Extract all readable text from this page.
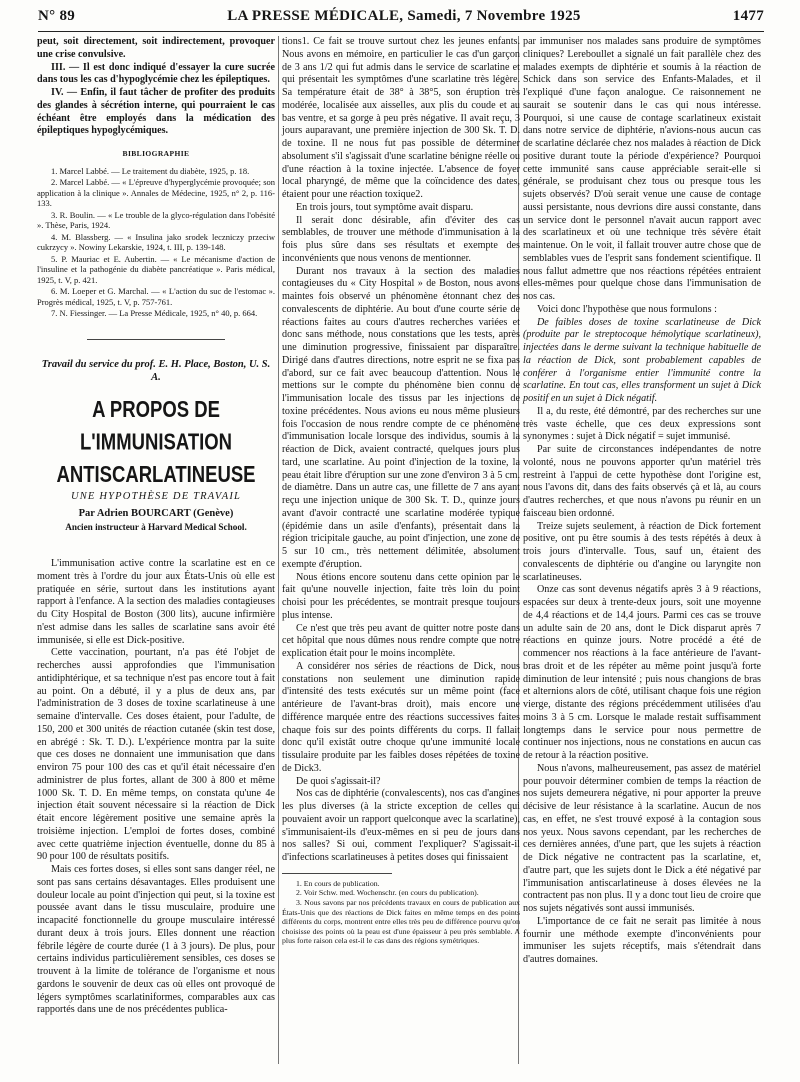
N° 89	LA PRESSE MÉDICALE, Samedi, 7 Novembre 1925	1477

peut, soit directement, soit indirectement, provoquer une crise convulsive.

III. — Il est donc indiqué d'essayer la cure sucrée dans tous les cas d'hypoglycémie chez les épileptiques.

IV. — Enfin, il faut tâcher de profiter des produits des glandes à sécrétion interne, qui pourraient le cas échéant être employés dans la médication des épileptiques hypoglycémiques.

BIBLIOGRAPHIE

1. Marcel Labbé. — Le traitement du diabète, 1925, p. 18.

2. Marcel Labbé. — « L'épreuve d'hyperglycémie provoquée; son application à la clinique ». Annales de Médecine, 1925, n° 2, p. 116-133.

3. R. Boulin. — « Le trouble de la glyco-régulation dans l'obésité ». Thèse, Paris, 1924.

4. M. Blassberg. — « Insulina jako srodek leczniczy przeciw cukrzycy ». Nowiny Lekarskie, 1924, t. III, p. 139-148.

5. P. Mauriac et E. Aubertin. — « Le mécanisme d'action de l'insuline et la pathogénie du diabète pancréatique ». Paris médical, 1925, t. V, p. 421.

6. M. Loeper et G. Marchal. — « L'action du suc de l'estomac ». Progrès médical, 1925, t. V, p. 757-761.

7. N. Fiessinger. — La Presse Médicale, 1925, n° 40, p. 664.

Travail du service du prof. E. H. Place, Boston, U. S. A.
A PROPOS DE L'IMMUNISATION
ANTISCARLATINEUSE
UNE HYPOTHÈSE DE TRAVAIL
Par Adrien BOURCART (Genève)
Ancien instructeur à Harvard Medical School.

L'immunisation active contre la scarlatine est en ce moment très à l'ordre du jour aux États-Unis où elle est pratiquée en série, surtout dans les institutions ayant rapport à l'enfance. A la section des maladies contagieuses du City Hospital de Boston (300 lits), aucune infirmière n'est admise dans les salles de scarlatine sans avoir été immunisée, si elle est Dick-positive.

Cette vaccination, pourtant, n'a pas été l'objet de recherches aussi approfondies que l'immunisation antidiphtérique, et sa technique n'est pas encore tout à fait au point. On a débuté, il y a plus de deux ans, par l'administration de 3 doses de toxine scarlatineuse à une semaine d'intervalle. Ces doses étaient, pour l'adulte, de 150, 200 et 300 unités de réaction cutanée (skin test dose, en abrégé : Sk. T. D.). L'expérience montra par la suite que ces doses ne donnaient une immunisation que dans environ 75 pour 100 des cas et qu'il était nécessaire d'en administrer de plus fortes, allant de 300 à 800 et même 1000 Sk. T. D. En même temps, on constata qu'une 4e injection était souvent nécessaire si la réaction de Dick était encore légèrement positive une semaine après la troisième injection. L'emploi de fortes doses, combiné avec cette quatrième injection éventuelle, donne du 85 à 90 pour 100 de résultats positifs.

Mais ces fortes doses, si elles sont sans danger réel, ne sont pas sans certains désavantages. Elles produisent une douleur locale au point d'injection qui peut, si la toxine est poussée avant dans le tissu musculaire, produire une incapacité fonctionnelle du groupe musculaire intéressé durant deux à trois jours. Elles donnent une réaction fébrile légère de courte durée (1 à 3 jours). De plus, pour certains individus particulièrement sensibles, ces doses se trouvent à la limite de tolérance de l'organisme et nous gardons le souvenir de deux cas où elles ont provoqué de légers symptômes scarlatiniformes, comparables aux cas rapportés dans une de nos précédentes publica-

tions1. Ce fait se trouve surtout chez les jeunes enfants. Nous avons en mémoire, en particulier le cas d'un garçon de 3 ans 1/2 qui fut admis dans le service de scarlatine et qui présentait les symptômes d'une scarlatine très légère. Sa température était de 38° à 38°5, son éruption très modérée, localisée aux aisselles, aux plis du coude et au bas ventre, et sa gorge à peu près négative. Il avait reçu, 3 jours auparavant, une première injection de 300 Sk. T. D. de toxine. Il ne nous fut pas possible de déterminer absolument s'il s'agissait d'une scarlatine bénigne réelle ou d'une réaction à la toxine injectée. L'absence de foyer local pharyngé, de même que la coïncidence des dates, étaient pour une réaction toxique2.

En trois jours, tout symptôme avait disparu.

Il serait donc désirable, afin d'éviter des cas semblables, de trouver une méthode d'immunisation à la fois plus sûre dans ses résultats et exempte des inconvénients que nous venons de mentionner.

Durant nos travaux à la section des maladies contagieuses du « City Hospital » de Boston, nous avons maintes fois observé un phénomène étonnant chez des convalescents de diphtérie. Au bout d'une courte série de réactions faites au cours d'autres recherches variées et donc sans méthode, nous constations que les tests, après une diminution progressive, finissaient par disparaître. Dirigé dans d'autres directions, notre esprit ne se fixa pas d'abord, sur ce fait avec beaucoup d'attention. Nous le mettions sur le compte du phénomène bien connu de l'immunisation locale des tissus par les injections de toxine précédentes. Nous avions eu nous même plusieurs fois l'occasion de nous rendre compte de ce phénomène d'immunisation locale lorsque des individus, soumis à la réaction de Dick, avaient contracté, quelques jours plus tard, une scarlatine. Au point d'injection de la toxine, la peau était libre d'éruption sur une zone d'environ 3 à 5 cm. de diamètre. Dans un autre cas, une fillette de 7 ans ayant reçu une injection unique de 300 Sk. T. D., quinze jours avant d'avoir contracté une scarlatine modérée typique (épidémie dans un asile d'enfants), présentait dans la région tricipitale gauche, au point d'injection, une zone de 5 sur 10 cm., très nettement délimitée, absolument exempte d'éruption.

Nous étions encore soutenu dans cette opinion par le fait qu'une nouvelle injection, faite très loin du point choisi pour les précédentes, se montrait presque toujours plus intense.

Ce n'est que très peu avant de quitter notre poste dans cet hôpital que nous dûmes nous rendre compte que notre explication était pour le moins incomplète.

A considérer nos séries de réactions de Dick, nous constations non seulement une diminution rapide d'intensité des tests exécutés sur un même point (face antérieure de l'avant-bras droit), mais encore une différence marquée entre des réactions successives faites chaque fois sur des points différents du corps. Il fallait donc qu'il existât outre choque qu'une immunité locale tissulaire produite par les faibles doses répétées de toxine de Dick3.

De quoi s'agissait-il?

Nos cas de diphtérie (convalescents), nos cas d'angines les plus diverses (à la stricte exception de celles qui pouvaient avoir un rapport quelconque avec la scarlatine), s'immunisaient-ils d'eux-mêmes en si peu de jours dans nos salles? Si oui, comment l'expliquer? S'agissait-il d'infections scarlatineuses à petites doses qui finissaient

1. En cours de publication.

2. Voir Schw. med. Wochenschr. (en cours du publication).

3. Nous savons par nos précédents travaux en cours de publication aux États-Unis que des réactions de Dick faites en même temps en des points différents du corps, montrent entre elles très peu de différence pourvu qu'on choisisse des points où la peau est d'une épaisseur à peu près semblable. A plus forte raison cela est-il le cas dans des régions symétriques.

par immuniser nos malades sans produire de symptômes cliniques? Lereboullet a signalé un fait parallèle chez des malades exempts de diphtérie et soumis à la réaction de Schick dans son service des Enfants-Malades, et il l'expliqué d'une façon analogue. Ce raisonnement ne saurait se soutenir dans le cas qui nous intéresse. Pourquoi, si une cause de contage scarlatineux existait dans notre service de diphtérie, n'avions-nous aucun cas de scarlatine déclarée chez nos malades à réaction de Dick positive durant toute la période d'expérience? Pourquoi cette immunité sans cause appréciable serait-elle si générale, se produisant chez tous ou presque tous les sujets observés? D'où serait venue une cause de contage aussi persistante, nous devrions dire aussi constante, dans un service dont le personnel n'avait aucun rapport avec des scarlatineux et où une technique très sévère était maintenue. On le voit, il fallait trouver autre chose que de semblables vues de l'esprit sans fondement scientifique. Il nous fallut admettre que nos réactions répétées entraient elles-mêmes pour quelque chose dans l'immunisation de nos cas.

Voici donc l'hypothèse que nous formulons :

De faibles doses de toxine scarlatineuse de Dick (produite par le streptocoque hémolytique scarlatineux), injectées dans le derme suivant la technique habituelle de la réaction de Dick, sont probablement capables de conférer à l'organisme entier l'immunité contre la scarlatine. En tout cas, elles transforment un sujet à Dick positif en un sujet à Dick négatif.

Il a, du reste, été démontré, par des recherches sur une très vaste échelle, que ces deux expressions sont synonymes : sujet à Dick négatif = sujet immunisé.

Par suite de circonstances indépendantes de notre volonté, nous ne pouvons apporter qu'un matériel très restreint à l'appui de cette hypothèse dont l'origine est, nous l'avons dit, dans des faits observés çà et là, au cours d'autres recherches, et que nous n'avons pu réunir en un faisceau bien ordonné.

Treize sujets seulement, à réaction de Dick fortement positive, ont pu être soumis à des tests répétés à deux à trois jours d'intervalle. Tous, sauf un, étaient des convalescents de diphtérie ou d'angine ou laryngite non scarlatineuses.

Onze cas sont devenus négatifs après 3 à 9 réactions, espacées sur deux à trente-deux jours, soit une moyenne de 4,4 réactions et de 14,4 jours. Parmi ces cas se trouve un adulte sain de 20 ans, dont le Dick disparut après 7 réactions en quinze jours. Notre procédé a été de commencer nos réactions à la face antérieure de l'avant-bras droit et de les répéter au même point jusqu'à forte diminution de leur intensité ; puis nous changions de bras et alternions alors de côté, utilisant chaque fois une région vierge, distante des régions précédemment utilisées d'au moins 3 à 5 cm. Lorsque le malade restait suffisamment longtemps dans le service pour nous permettre de continuer nos injections, nous ne constations en aucun cas de retour à la réaction positive.

Nous n'avons, malheureusement, pas assez de matériel pour pouvoir déterminer combien de temps la réaction de nos sujets demeurera négative, ni pour apporter la preuve décisive de leur résistance à la scarlatine. Aucun de nos cas, en effet, ne s'est trouvé exposé à la contagion sous nos yeux. Nous savons cependant, par les recherches de ces dernières années, d'une part, que les sujets à réaction de Dick négative ne contractent pas la scarlatine, et, d'autre part, que les sujets dont le Dick a été négativé par l'immunisation antiscarlatineuse à doses élevées ne la contractent pas non plus. Il y a donc tout lieu de croire que nos sujets négativés sont aussi immunisés.

L'importance de ce fait ne serait pas limitée à nous fournir une méthode exempte d'inconvénients pour immuniser les sujets réceptifs, mais s'étendrait dans d'autres domaines.
